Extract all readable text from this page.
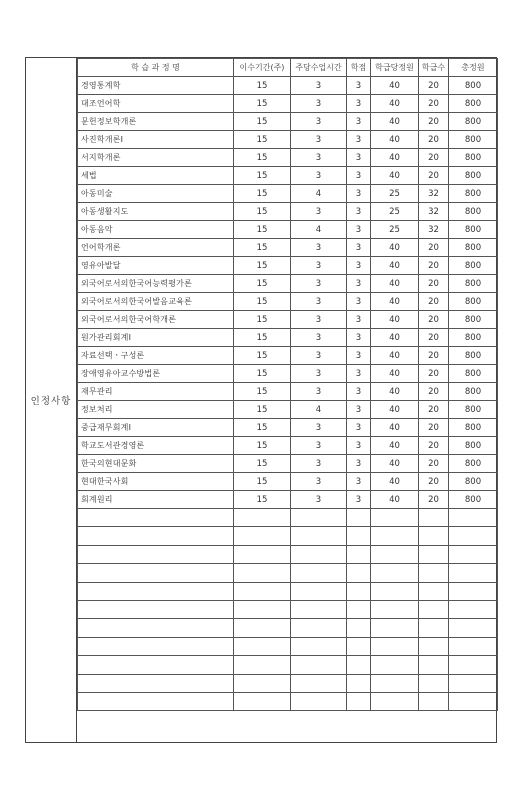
인정사항
학 습 과 정 명	이수기간(주)	주당수업시간	학점	학급당정원	학급수	총정원
경영통계학	15	3	3	40	20	800
대조언어학	15	3	3	40	20	800
문헌정보학개론	15	3	3	40	20	800
사진학개론Ⅰ	15	3	3	40	20	800
서지학개론	15	3	3	40	20	800
세법	15	3	3	40	20	800
아동미술	15	4	3	25	32	800
아동생활지도	15	3	3	25	32	800
아동음악	15	4	3	25	32	800
언어학개론	15	3	3	40	20	800
영유아발달	15	3	3	40	20	800
외국어로서의한국어능력평가론	15	3	3	40	20	800
외국어로서의한국어발음교육론	15	3	3	40	20	800
외국어로서의한국어학개론	15	3	3	40	20	800
원가관리회계Ⅰ	15	3	3	40	20	800
자료선택ㆍ구성론	15	3	3	40	20	800
장애영유아교수방법론	15	3	3	40	20	800
재무관리	15	3	3	40	20	800
정보처리	15	4	3	40	20	800
중급재무회계Ⅰ	15	3	3	40	20	800
학교도서관경영론	15	3	3	40	20	800
한국의현대문화	15	3	3	40	20	800
현대한국사회	15	3	3	40	20	800
회계원리	15	3	3	40	20	800
